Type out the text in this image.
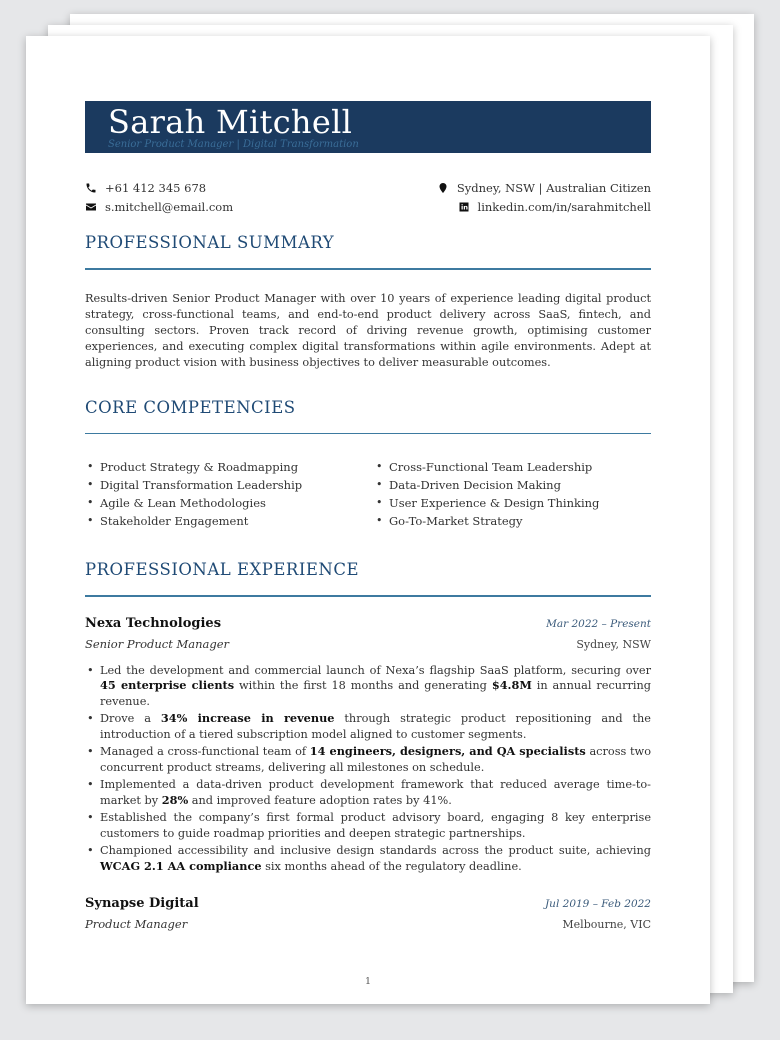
Sarah Mitchell
Senior Product Manager | Digital Transformation
+61 412 345 678
s.mitchell@email.com
Sydney, NSW | Australian Citizen
linkedin.com/in/sarahmitchell
PROFESSIONAL SUMMARY
Results-driven Senior Product Manager with over 10 years of experience leading digital product strategy, cross-functional teams, and end-to-end product delivery across SaaS, fintech, and consulting sectors. Proven track record of driving revenue growth, optimising customer experiences, and executing complex digital transformations within agile environments. Adept at aligning product vision with business objectives to deliver measurable outcomes.
CORE COMPETENCIES
• Product Strategy & Roadmapping
• Digital Transformation Leadership
• Agile & Lean Methodologies
• Stakeholder Engagement
• Cross-Functional Team Leadership
• Data-Driven Decision Making
• User Experience & Design Thinking
• Go-To-Market Strategy
PROFESSIONAL EXPERIENCE
Nexa Technologies	Mar 2022 – Present
Senior Product Manager	Sydney, NSW
• Led the development and commercial launch of Nexa’s flagship SaaS platform, securing over 45 enterprise clients within the first 18 months and generating $4.8M in annual recurring revenue.
• Drove a 34% increase in revenue through strategic product repositioning and the introduction of a tiered subscription model aligned to customer segments.
• Managed a cross-functional team of 14 engineers, designers, and QA specialists across two concurrent product streams, delivering all milestones on schedule.
• Implemented a data-driven product development framework that reduced average time-to-market by 28% and improved feature adoption rates by 41%.
• Established the company’s first formal product advisory board, engaging 8 key enterprise customers to guide roadmap priorities and deepen strategic partnerships.
• Championed accessibility and inclusive design standards across the product suite, achieving WCAG 2.1 AA compliance six months ahead of the regulatory deadline.
Synapse Digital	Jul 2019 – Feb 2022
Product Manager	Melbourne, VIC
1
